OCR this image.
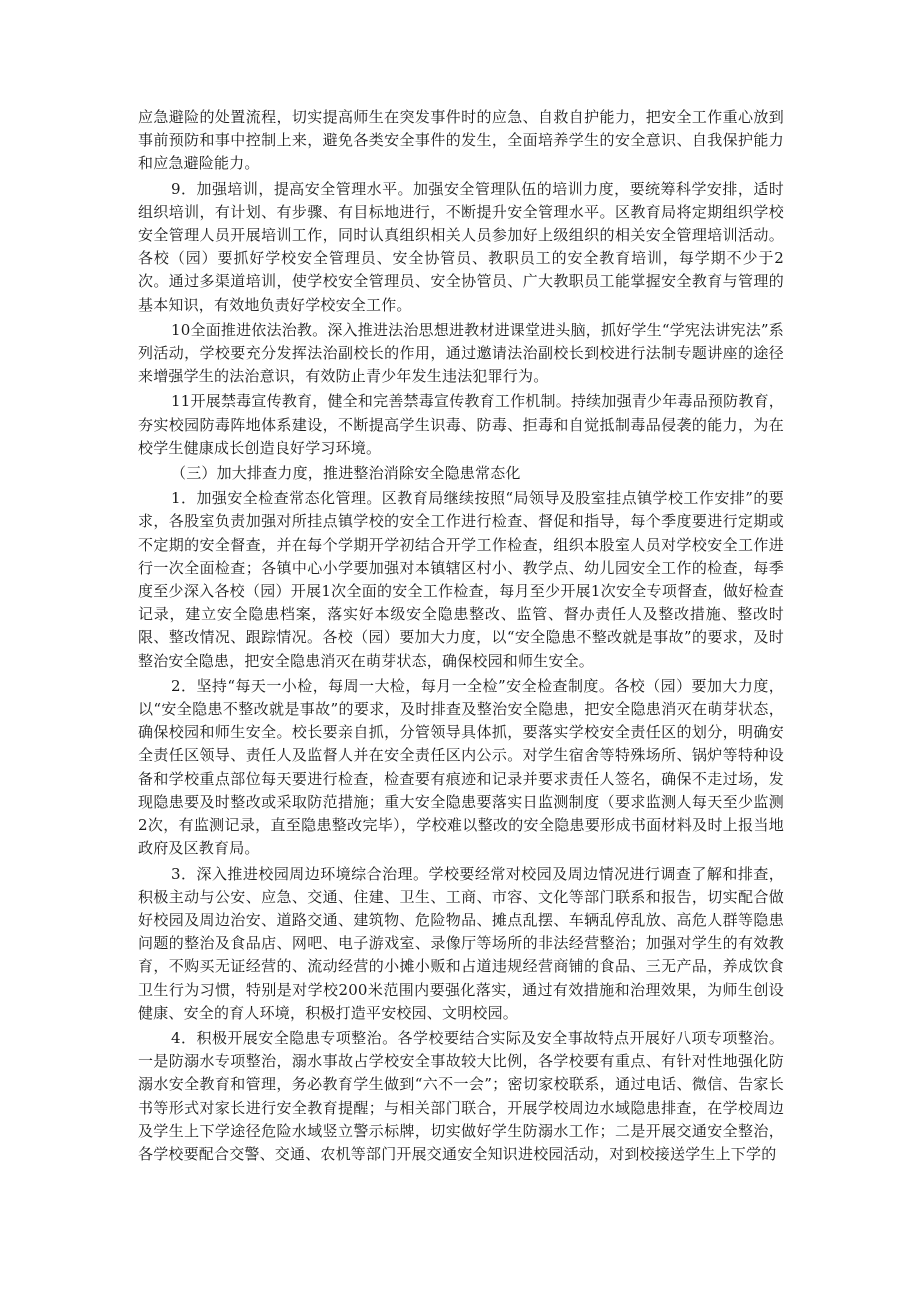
应急避险的处置流程，切实提高师生在突发事件时的应急、自救自护能力，把安全工作重心放到事前预防和事中控制上来，避免各类安全事件的发生，全面培养学生的安全意识、自我保护能力和应急避险能力。

9．加强培训，提高安全管理水平。加强安全管理队伍的培训力度，要统筹科学安排，适时组织培训，有计划、有步骤、有目标地进行，不断提升安全管理水平。区教育局将定期组织学校安全管理人员开展培训工作，同时认真组织相关人员参加好上级组织的相关安全管理培训活动。各校（园）要抓好学校安全管理员、安全协管员、教职员工的安全教育培训，每学期不少于2次。通过多渠道培训，使学校安全管理员、安全协管员、广大教职员工能掌握安全教育与管理的基本知识，有效地负责好学校安全工作。

10全面推进依法治教。深入推进法治思想进教材进课堂进头脑，抓好学生“学宪法讲宪法”系列活动，学校要充分发挥法治副校长的作用，通过邀请法治副校长到校进行法制专题讲座的途径来增强学生的法治意识，有效防止青少年发生违法犯罪行为。

11开展禁毒宣传教育，健全和完善禁毒宣传教育工作机制。持续加强青少年毒品预防教育，夯实校园防毒阵地体系建设，不断提高学生识毒、防毒、拒毒和自觉抵制毒品侵袭的能力，为在校学生健康成长创造良好学习环境。

（三）加大排查力度，推进整治消除安全隐患常态化

1．加强安全检查常态化管理。区教育局继续按照“局领导及股室挂点镇学校工作安排”的要求，各股室负责加强对所挂点镇学校的安全工作进行检查、督促和指导，每个季度要进行定期或不定期的安全督查，并在每个学期开学初结合开学工作检查，组织本股室人员对学校安全工作进行一次全面检查；各镇中心小学要加强对本镇辖区村小、教学点、幼儿园安全工作的检查，每季度至少深入各校（园）开展1次全面的安全工作检查，每月至少开展1次安全专项督查，做好检查记录，建立安全隐患档案，落实好本级安全隐患整改、监管、督办责任人及整改措施、整改时限、整改情况、跟踪情况。各校（园）要加大力度，以“安全隐患不整改就是事故”的要求，及时整治安全隐患，把安全隐患消灭在萌芽状态，确保校园和师生安全。

2．坚持“每天一小检，每周一大检，每月一全检”安全检查制度。各校（园）要加大力度，以“安全隐患不整改就是事故”的要求，及时排查及整治安全隐患，把安全隐患消灭在萌芽状态，确保校园和师生安全。校长要亲自抓，分管领导具体抓，要落实学校安全责任区的划分，明确安全责任区领导、责任人及监督人并在安全责任区内公示。对学生宿舍等特殊场所、锅炉等特种设备和学校重点部位每天要进行检查，检查要有痕迹和记录并要求责任人签名，确保不走过场，发现隐患要及时整改或采取防范措施；重大安全隐患要落实日监测制度（要求监测人每天至少监测2次，有监测记录，直至隐患整改完毕），学校难以整改的安全隐患要形成书面材料及时上报当地政府及区教育局。

3．深入推进校园周边环境综合治理。学校要经常对校园及周边情况进行调查了解和排查，积极主动与公安、应急、交通、住建、卫生、工商、市容、文化等部门联系和报告，切实配合做好校园及周边治安、道路交通、建筑物、危险物品、摊点乱摆、车辆乱停乱放、高危人群等隐患问题的整治及食品店、网吧、电子游戏室、录像厅等场所的非法经营整治；加强对学生的有效教育，不购买无证经营的、流动经营的小摊小贩和占道违规经营商铺的食品、三无产品，养成饮食卫生行为习惯，特别是对学校200米范围内要强化落实，通过有效措施和治理效果，为师生创设健康、安全的育人环境，积极打造平安校园、文明校园。

4．积极开展安全隐患专项整治。各学校要结合实际及安全事故特点开展好八项专项整治。一是防溺水专项整治，溺水事故占学校安全事故较大比例，各学校要有重点、有针对性地强化防溺水安全教育和管理，务必教育学生做到“六不一会”；密切家校联系，通过电话、微信、告家长书等形式对家长进行安全教育提醒；与相关部门联合，开展学校周边水域隐患排查，在学校周边及学生上下学途径危险水域竖立警示标牌，切实做好学生防溺水工作；二是开展交通安全整治，各学校要配合交警、交通、农机等部门开展交通安全知识进校园活动，对到校接送学生上下学的
